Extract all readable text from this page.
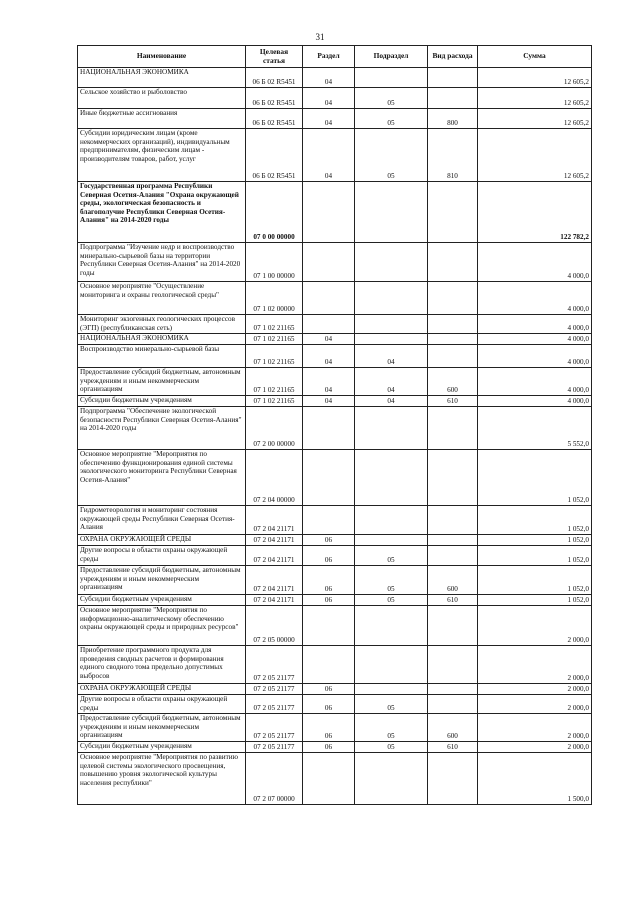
31
Наименование	Целевая статья	Раздел	Подраздел	Вид расхода	Сумма
НАЦИОНАЛЬНАЯ ЭКОНОМИКА	06 Б 02 R5451	04			12 605,2
Сельское хозяйство и рыболовство	06 Б 02 R5451	04	05		12 605,2
Иные бюджетные ассигнования	06 Б 02 R5451	04	05	800	12 605,2
Субсидии юридическим лицам (кроме некоммерческих организаций), индивидуальным предпринимателям, физическим лицам - производителям товаров, работ, услуг	06 Б 02 R5451	04	05	810	12 605,2
Государственная программа Республики Северная Осетия-Алания "Охрана окружающей среды, экологическая безопасность и благополучие Республики Северная Осетия-Алания" на 2014-2020 годы	07 0 00 00000				122 782,2
Подпрограмма "Изучение недр и воспроизводство минерально-сырьевой базы на территории Республики Северная Осетия-Алания" на 2014-2020 годы	07 1 00 00000				4 000,0
Основное мероприятие "Осуществление мониторинга и охраны геологической среды"	07 1 02 00000				4 000,0
Мониторинг экзогенных геологических процессов (ЭГП) (республиканская сеть)	07 1 02 21165				4 000,0
НАЦИОНАЛЬНАЯ ЭКОНОМИКА	07 1 02 21165	04			4 000,0
Воспроизводство минерально-сырьевой базы	07 1 02 21165	04	04		4 000,0
Предоставление субсидий бюджетным, автономным учреждениям и иным некоммерческим организациям	07 1 02 21165	04	04	600	4 000,0
Субсидии бюджетным учреждениям	07 1 02 21165	04	04	610	4 000,0
Подпрограмма "Обеспечение экологической безопасности Республики Северная Осетия-Алания" на 2014-2020 годы	07 2 00 00000				5 552,0
Основное мероприятие "Мероприятия по обеспечению функционирования единой системы экологического мониторинга Республики Северная Осетия-Алания"	07 2 04 00000				1 052,0
Гидрометеорология и мониторинг состояния окружающей среды Республики Северная Осетия-Алания	07 2 04 21171				1 052,0
ОХРАНА ОКРУЖАЮЩЕЙ СРЕДЫ	07 2 04 21171	06			1 052,0
Другие вопросы в области охраны окружающей среды	07 2 04 21171	06	05		1 052,0
Предоставление субсидий бюджетным, автономным учреждениям и иным некоммерческим организациям	07 2 04 21171	06	05	600	1 052,0
Субсидии бюджетным учреждениям	07 2 04 21171	06	05	610	1 052,0
Основное мероприятие "Мероприятия по информационно-аналитическому обеспечению охраны окружающей среды и природных ресурсов"	07 2 05 00000				2 000,0
Приобретение программного продукта для проведения сводных расчетов и формирования единого сводного тома предельно допустимых выбросов	07 2 05 21177				2 000,0
ОХРАНА ОКРУЖАЮЩЕЙ СРЕДЫ	07 2 05 21177	06			2 000,0
Другие вопросы в области охраны окружающей среды	07 2 05 21177	06	05		2 000,0
Предоставление субсидий бюджетным, автономным учреждениям и иным некоммерческим организациям	07 2 05 21177	06	05	600	2 000,0
Субсидии бюджетным учреждениям	07 2 05 21177	06	05	610	2 000,0
Основное мероприятие "Мероприятия по развитию целевой системы экологического просвещения, повышению уровня экологической культуры населения республики"	07 2 07 00000				1 500,0
